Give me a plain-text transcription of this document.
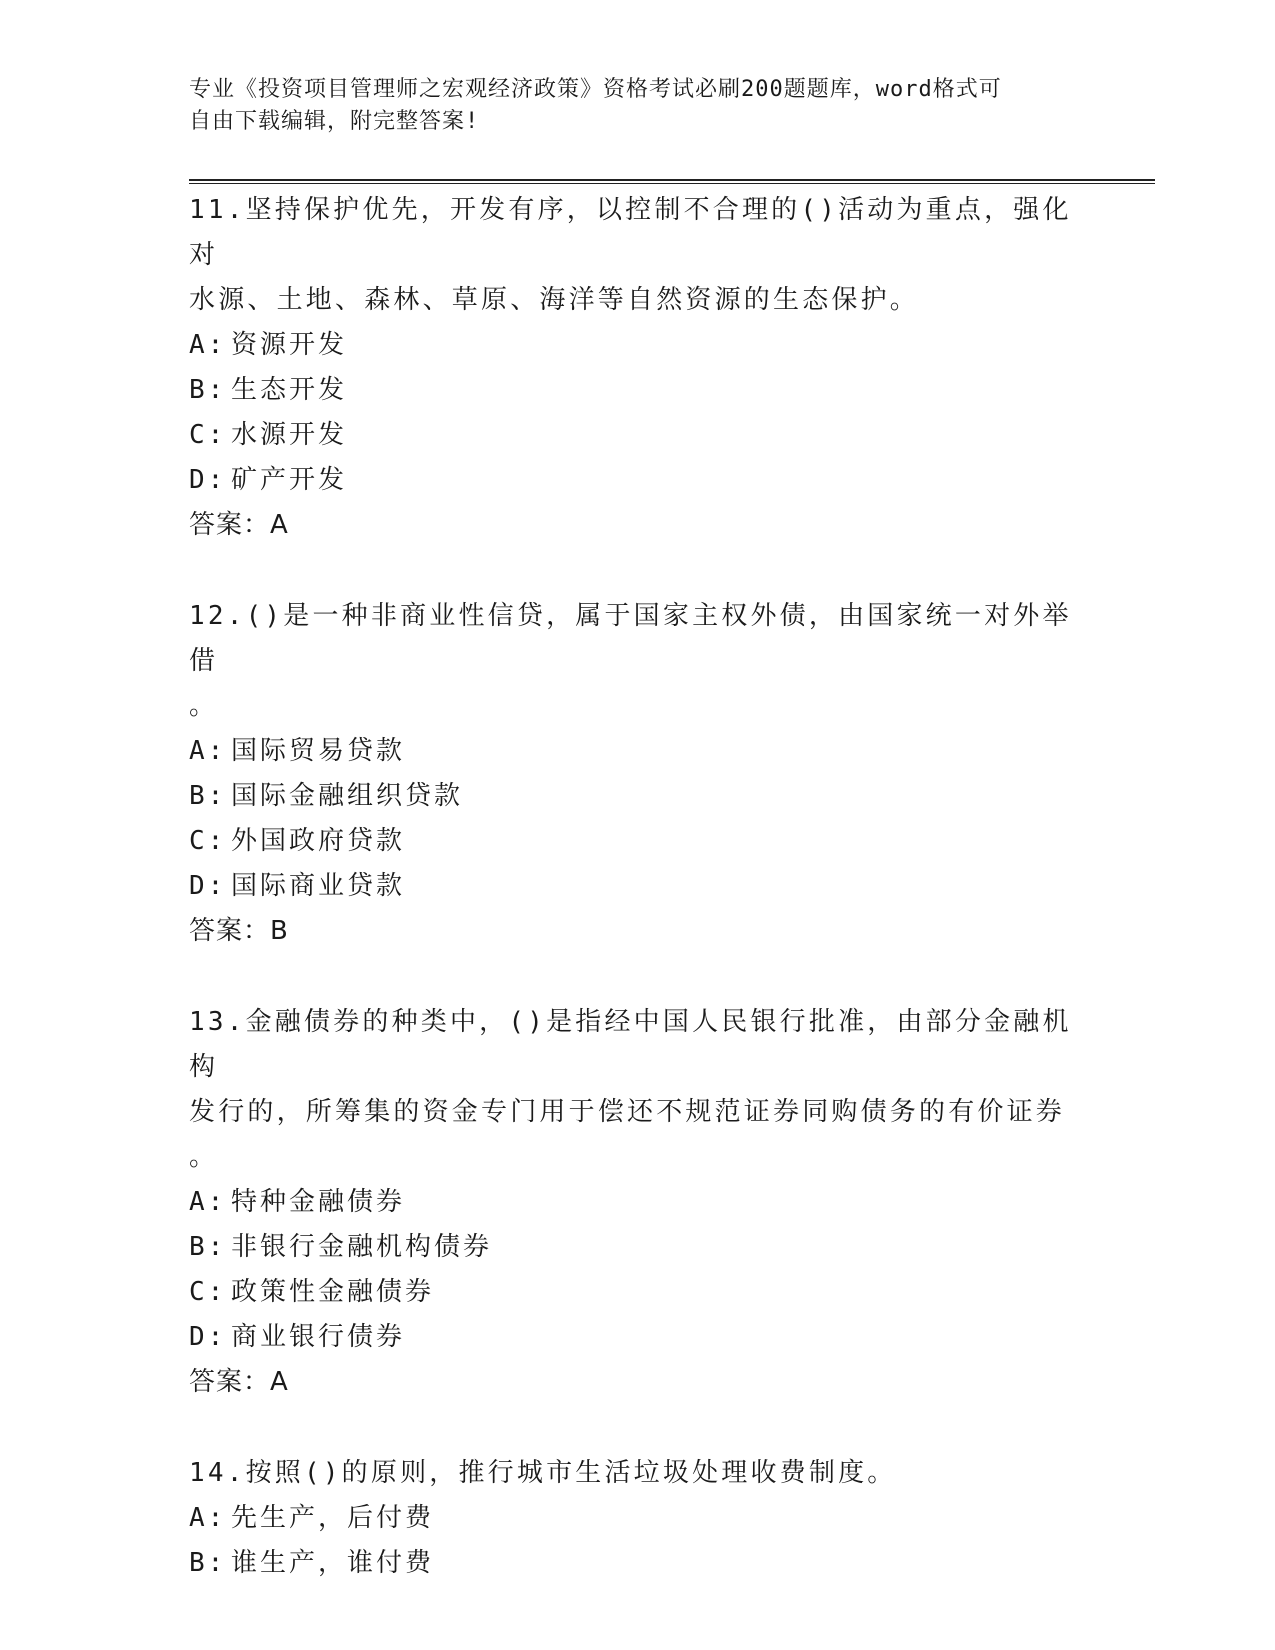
专业《投资项目管理师之宏观经济政策》资格考试必刷200题题库，word格式可
自由下载编辑，附完整答案!
11.坚持保护优先，开发有序，以控制不合理的()活动为重点，强化对
水源、土地、森林、草原、海洋等自然资源的生态保护。
A: 资源开发
B: 生态开发
C: 水源开发
D: 矿产开发
答案：A
12.()是一种非商业性信贷，属于国家主权外债，由国家统一对外举借
。
A: 国际贸易贷款
B: 国际金融组织贷款
C: 外国政府贷款
D: 国际商业贷款
答案：B
13.金融债券的种类中，()是指经中国人民银行批准，由部分金融机构
发行的，所筹集的资金专门用于偿还不规范证券同购债务的有价证券
。
A: 特种金融债券
B: 非银行金融机构债券
C: 政策性金融债券
D: 商业银行债券
答案：A
14.按照()的原则，推行城市生活垃圾处理收费制度。
A: 先生产，后付费
B: 谁生产，谁付费
